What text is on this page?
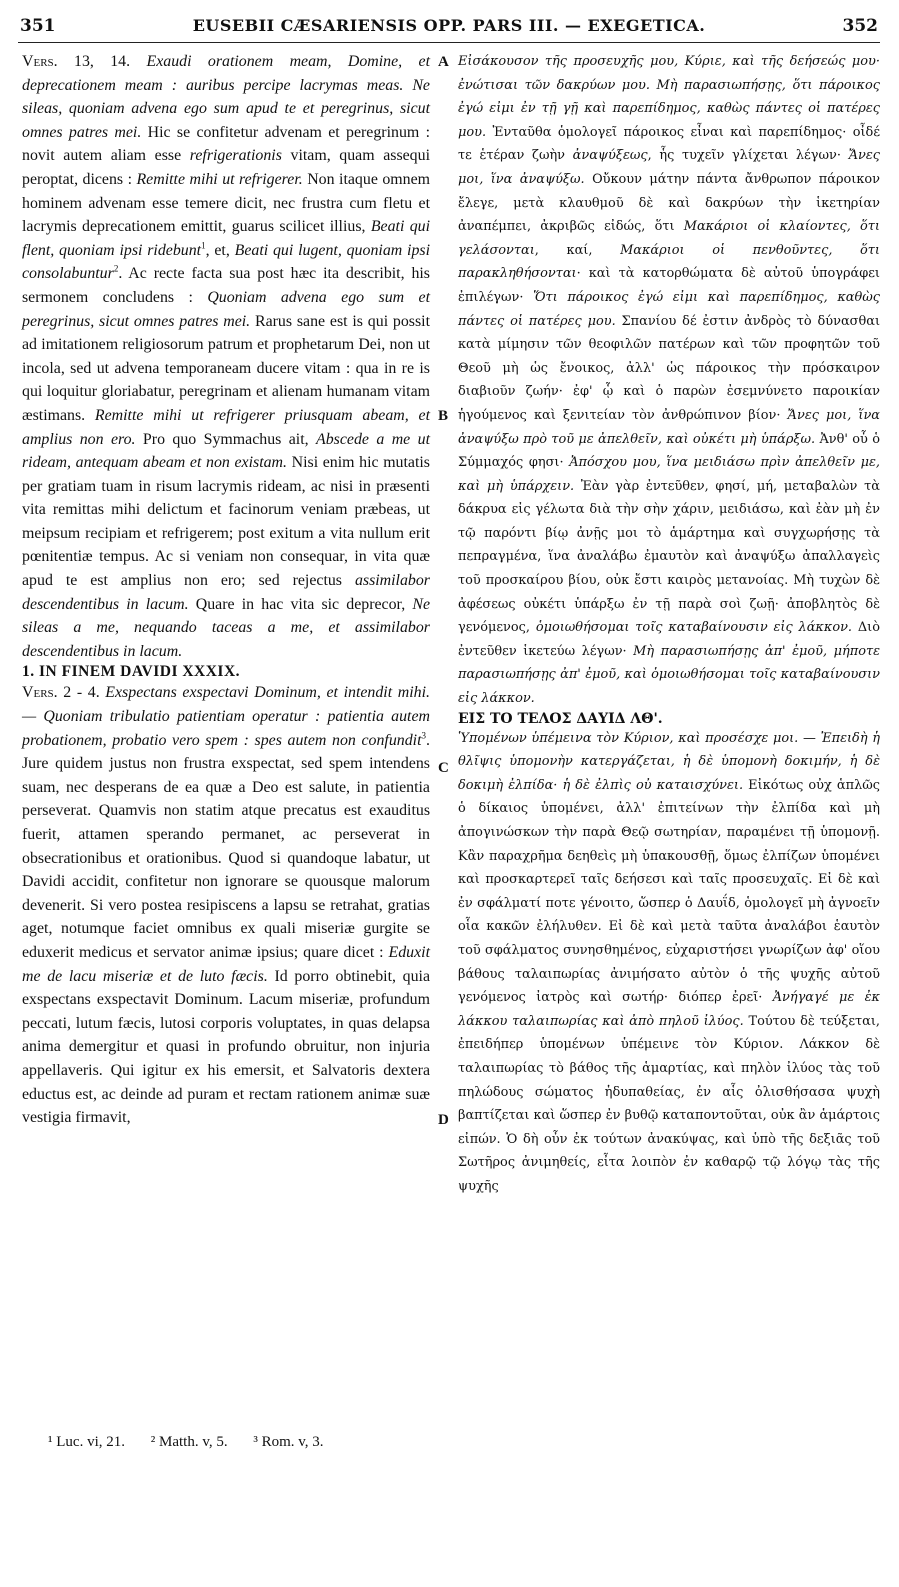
351	EUSEBII CÆSARIENSIS OPP. PARS III. — EXEGETICA.	352
A
B
C
D

Vers. 13, 14. Exaudi orationem meam, Domine, et deprecationem meam : auribus percipe lacrymas meas. Ne sileas, quoniam advena ego sum apud te et peregrinus, sicut omnes patres mei. Hic se confitetur advenam et peregrinum : novit autem aliam esse refrigerationis vitam, quam assequi peroptat, dicens : Remitte mihi ut refrigerer. Non itaque omnem hominem advenam esse temere dicit, nec frustra cum fletu et lacrymis deprecationem emittit, guarus scilicet illius, Beati qui flent, quoniam ipsi ridebunt$^1$, et, Beati qui lugent, quoniam ipsi consolabuntur$^2$. Ac recte facta sua post hæc ita describit, his sermonem concludens : Quoniam advena ego sum et peregrinus, sicut omnes patres mei. Rarus sane est is qui possit ad imitationem religiosorum patrum et prophetarum Dei, non ut incola, sed ut advena temporaneam ducere vitam : qua in re is qui loquitur gloriabatur, peregrinam et alienam humanam vitam æstimans. Remitte mihi ut refrigerer priusquam abeam, et amplius non ero. Pro quo Symmachus ait, Abscede a me ut rideam, antequam abeam et non existam. Nisi enim hic mutatis per gratiam tuam in risum lacrymis rideam, ac nisi in præsenti vita remittas mihi delictum et facinorum veniam præbeas, ut meipsum recipiam et refrigerem; post exitum a vita nullum erit pœnitentiæ tempus. Ac si veniam non consequar, in vita quæ apud te est amplius non ero; sed rejectus assimilabor descendentibus in lacum. Quare in hac vita sic deprecor, Ne sileas a me, nequando taceas a me, et assimilabor descendentibus in lacum.

1. IN FINEM DAVIDI XXXIX.

Vers. 2 - 4. Exspectans exspectavi Dominum, et intendit mihi. — Quoniam tribulatio patientiam operatur : patientia autem probationem, probatio vero spem : spes autem non confundit$^3$. Jure quidem justus non frustra exspectat, sed spem intendens suam, nec desperans de ea quæ a Deo est salute, in patientia perseverat. Quamvis non statim atque precatus est exauditus fuerit, attamen sperando permanet, ac perseverat in obsecrationibus et orationibus. Quod si quandoque labatur, ut Davidi accidit, confitetur non ignorare se quousque malorum devenerit. Si vero postea resipiscens a lapsu se retrahat, gratias aget, notumque faciet omnibus ex quali miseriæ gurgite se eduxerit medicus et servator animæ ipsius; quare dicet : Eduxit me de lacu miseriæ et de luto fæcis. Id porro obtinebit, quia exspectans exspectavit Dominum. Lacum miseriæ, profundum peccati, lutum fæcis, lutosi corporis voluptates, in quas delapsa anima demergitur et quasi in profundo obruitur, non injuria appellaveris. Qui igitur ex his emersit, et Salvatoris dextera eductus est, ac deinde ad puram et rectam rationem animæ suæ vestigia firmavit,

Εἰσάκουσον τῆς προσευχῆς μου, Κύριε, καὶ τῆς δεήσεώς μου· ἐνώτισαι τῶν δακρύων μου. Μὴ παρασιωπήσῃς, ὅτι πάροικος ἐγώ εἰμι ἐν τῇ γῇ καὶ παρεπίδημος, καθὼς πάντες οἱ πατέρες μου. Ἐνταῦθα ὁμολογεῖ πάροικος εἶναι καὶ παρεπίδημος· οἶδέ τε ἑτέραν ζωὴν ἀναψύξεως, ἧς τυχεῖν γλίχεται λέγων· Ἄνες μοι, ἵνα ἀναψύξω. Οὔκουν μάτην πάντα ἄνθρωπον πάροικον ἔλεγε, μετὰ κλαυθμοῦ δὲ καὶ δακρύων τὴν ἱκετηρίαν ἀναπέμπει, ἀκριβῶς εἰδώς, ὅτι Μακάριοι οἱ κλαίοντες, ὅτι γελάσονται, καί, Μακάριοι οἱ πενθοῦντες, ὅτι παρακληθήσονται· καὶ τὰ κατορθώματα δὲ αὐτοῦ ὑπογράφει ἐπιλέγων· Ὅτι πάροικος ἐγώ εἰμι καὶ παρεπίδημος, καθὼς πάντες οἱ πατέρες μου. Σπανίου δέ ἐστιν ἀνδρὸς τὸ δύνασθαι κατὰ μίμησιν τῶν θεοφιλῶν πατέρων καὶ τῶν προφητῶν τοῦ Θεοῦ μὴ ὡς ἔνοικος, ἀλλ' ὡς πάροικος τὴν πρόσκαιρον διαβιοῦν ζωήν· ἐφ' ᾧ καὶ ὁ παρὼν ἐσεμνύνετο παροικίαν ἡγούμενος καὶ ξενιτείαν τὸν ἀνθρώπινον βίον· Ἄνες μοι, ἵνα ἀναψύξω πρὸ τοῦ με ἀπελθεῖν, καὶ οὐκέτι μὴ ὑπάρξω. Ἀνθ' οὗ ὁ Σύμμαχός φησι· Ἀπόσχου μου, ἵνα μειδιάσω πρὶν ἀπελθεῖν με, καὶ μὴ ὑπάρχειν. Ἐὰν γὰρ ἐντεῦθεν, φησί, μή, μεταβαλὼν τὰ δάκρυα εἰς γέλωτα διὰ τὴν σὴν χάριν, μειδιάσω, καὶ ἐὰν μὴ ἐν τῷ παρόντι βίῳ ἀνῇς μοι τὸ ἁμάρτημα καὶ συγχωρήσῃς τὰ πεπραγμένα, ἵνα ἀναλάβω ἐμαυτὸν καὶ ἀναψύξω ἀπαλλαγεὶς τοῦ προσκαίρου βίου, οὐκ ἔστι καιρὸς μετανοίας. Μὴ τυχὼν δὲ ἀφέσεως οὐκέτι ὑπάρξω ἐν τῇ παρὰ σοὶ ζωῇ· ἀποβλητὸς δὲ γενόμενος, ὁμοιωθήσομαι τοῖς καταβαίνουσιν εἰς λάκκον. Διὸ ἐντεῦθεν ἱκετεύω λέγων· Μὴ παρασιωπήσῃς ἀπ' ἐμοῦ, μήποτε παρασιωπήσῃς ἀπ' ἐμοῦ, καὶ ὁμοιωθήσομαι τοῖς καταβαίνουσιν εἰς λάκκον.

ΕΙΣ ΤΟ ΤΕΛΟΣ ΔΑΥΙΔ ΛΘ'.

Ὑπομένων ὑπέμεινα τὸν Κύριον, καὶ προσέσχε μοι. — Ἐπειδὴ ἡ θλῖψις ὑπομονὴν κατεργάζεται, ἡ δὲ ὑπομονὴ δοκιμήν, ἡ δὲ δοκιμὴ ἐλπίδα· ἡ δὲ ἐλπὶς οὐ καταισχύνει. Εἰκότως οὐχ ἁπλῶς ὁ δίκαιος ὑπομένει, ἀλλ' ἐπιτείνων τὴν ἐλπίδα καὶ μὴ ἀπογινώσκων τὴν παρὰ Θεῷ σωτηρίαν, παραμένει τῇ ὑπομονῇ. Κἂν παραχρῆμα δεηθεὶς μὴ ὑπακουσθῇ, ὅμως ἐλπίζων ὑπομένει καὶ προσκαρτερεῖ ταῖς δεήσεσι καὶ ταῖς προσευχαῖς. Εἰ δὲ καὶ ἐν σφάλματί ποτε γένοιτο, ὥσπερ ὁ Δαυΐδ, ὁμολογεῖ μὴ ἀγνοεῖν οἷα κακῶν ἐλήλυθεν. Εἰ δὲ καὶ μετὰ ταῦτα ἀναλάβοι ἑαυτὸν τοῦ σφάλματος συνησθημένος, εὐχαριστήσει γνωρίζων ἀφ' οἵου βάθους ταλαιπωρίας ἀνιμήσατο αὐτὸν ὁ τῆς ψυχῆς αὐτοῦ γενόμενος ἰατρὸς καὶ σωτήρ· διόπερ ἐρεῖ· Ἀνήγαγέ με ἐκ λάκκου ταλαιπωρίας καὶ ἀπὸ πηλοῦ ἰλύος. Τούτου δὲ τεύξεται, ἐπειδήπερ ὑπομένων ὑπέμεινε τὸν Κύριον. Λάκκον δὲ ταλαιπωρίας τὸ βάθος τῆς ἁμαρτίας, καὶ πηλὸν ἰλύος τὰς τοῦ πηλώδους σώματος ἡδυπαθείας, ἐν αἷς ὀλισθήσασα ψυχὴ βαπτίζεται καὶ ὥσπερ ἐν βυθῷ καταποντοῦται, οὐκ ἂν ἁμάρτοις εἰπών. Ὁ δὴ οὖν ἐκ τούτων ἀνακύψας, καὶ ὑπὸ τῆς δεξιᾶς τοῦ Σωτῆρος ἀνιμηθείς, εἶτα λοιπὸν ἐν καθαρῷ τῷ λόγῳ τὰς τῆς ψυχῆς

¹ Luc. vi, 21. ² Matth. v, 5. ³ Rom. v, 3.
